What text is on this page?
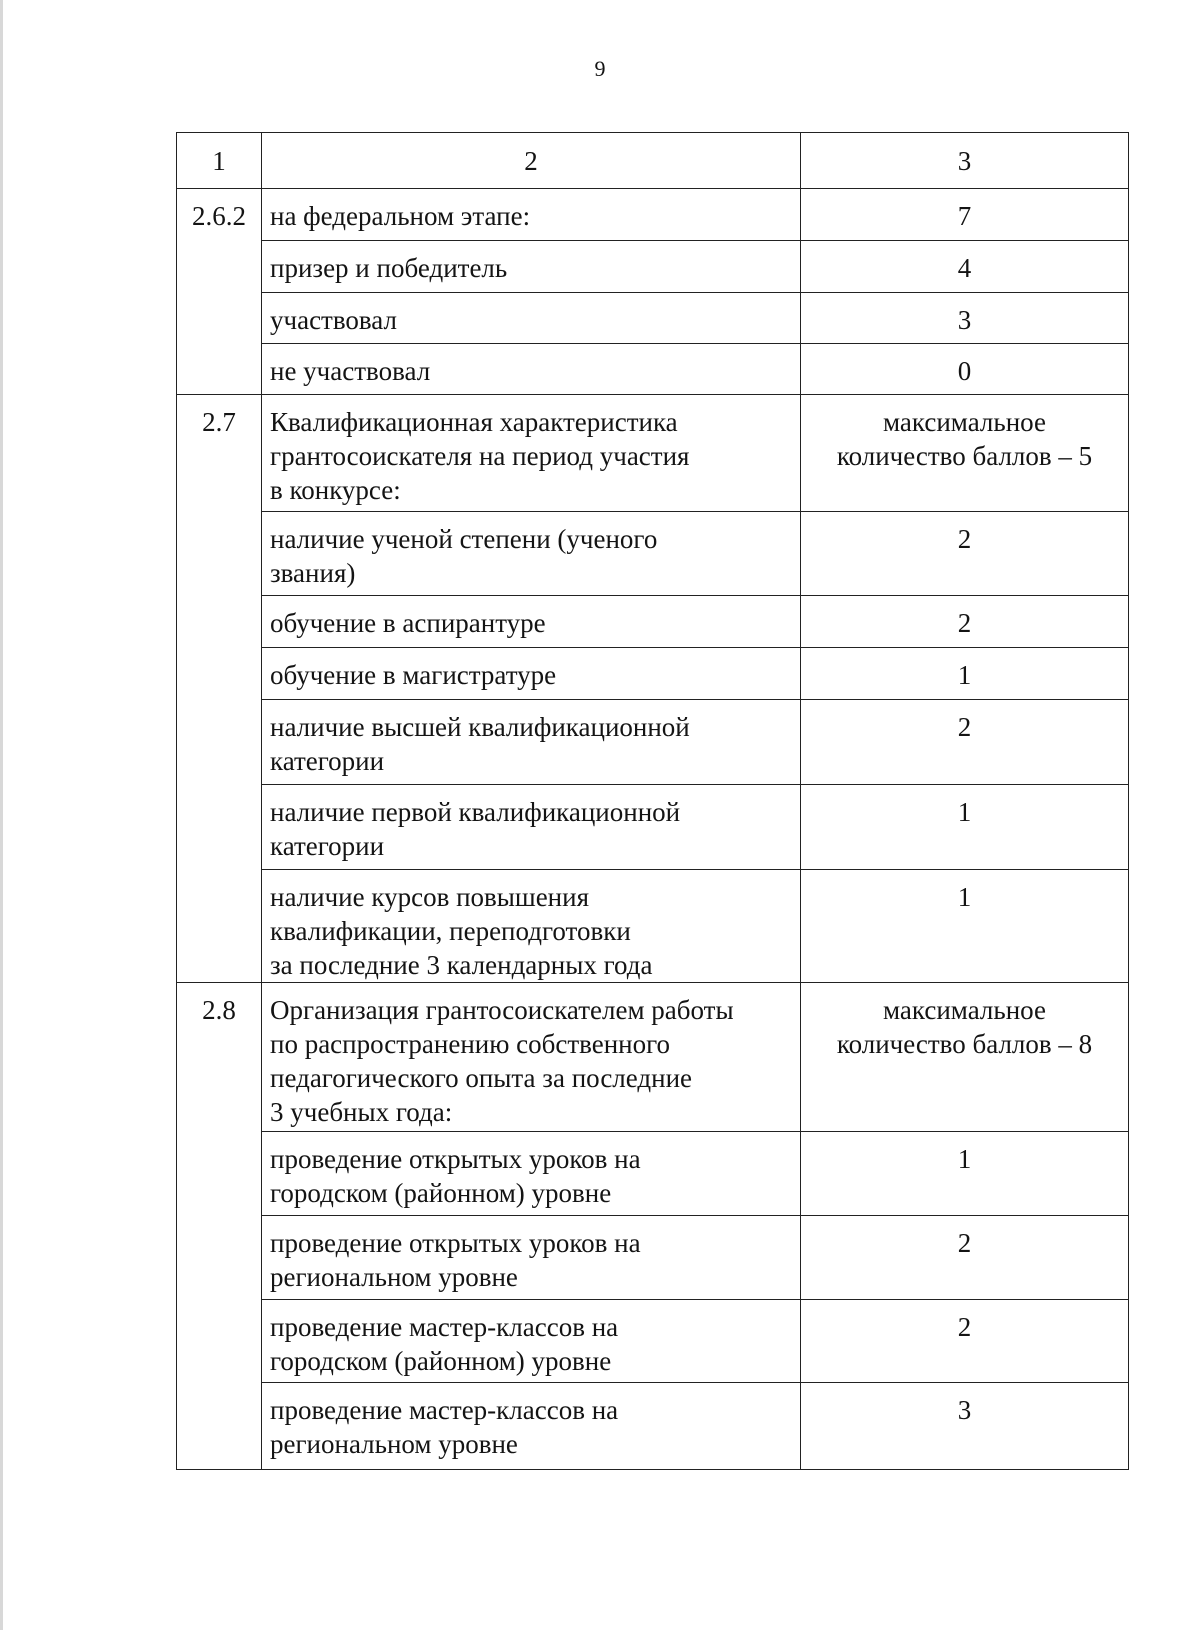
9
1	2	3
2.6.2	на федеральном этапе:	7

	призер и победитель	4

	участвовал	3

	не участвовал	0

2.7	Квалификационная характеристика
грантосоискателя на период участия
в конкурсе:	максимальное
количество баллов – 5

	наличие ученой степени (ученого
звания)	2

	обучение в аспирантуре	2

	обучение в магистратуре	1

	наличие высшей квалификационной
категории	2

	наличие первой квалификационной
категории	1

	наличие курсов повышения
квалификации, переподготовки
за последние 3 календарных года	1

2.8	Организация грантосоискателем работы
по распространению собственного
педагогического опыта за последние
3 учебных года:	максимальное
количество баллов – 8

	проведение открытых уроков на
городском (районном) уровне	1

	проведение открытых уроков на
региональном уровне	2

	проведение мастер-классов на
городском (районном) уровне	2

	проведение мастер-классов на
региональном уровне	3
